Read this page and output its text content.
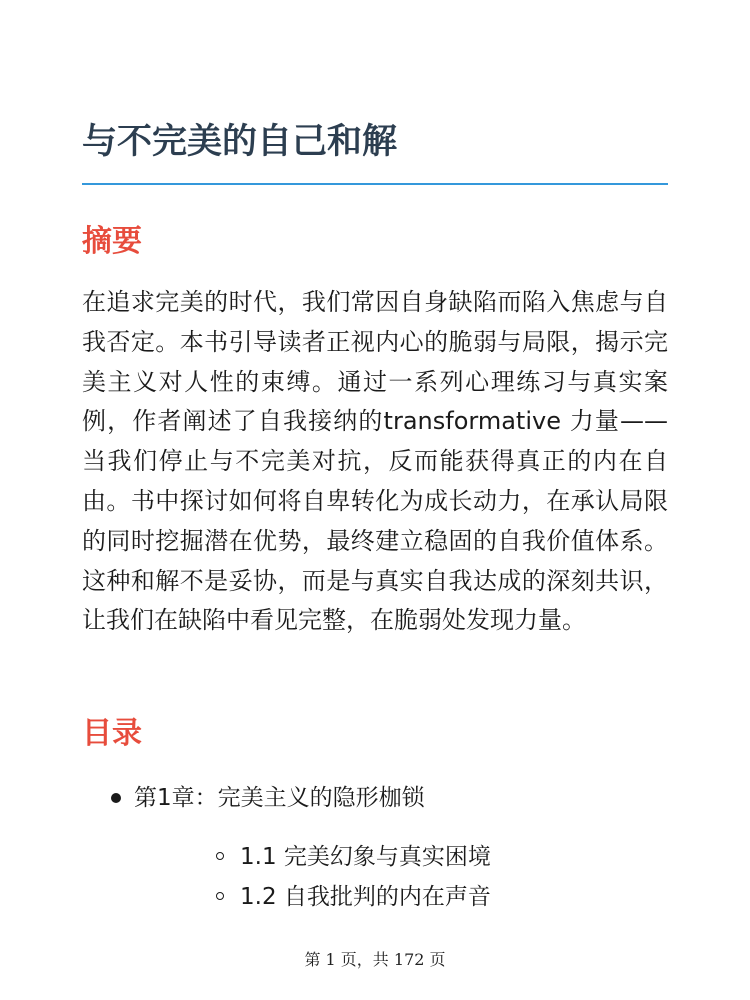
与不完美的自己和解
摘要

在追求完美的时代，我们常因自身缺陷而陷入焦虑与自我否定。本书引导读者正视内心的脆弱与局限，揭示完美主义对人性的束缚。通过一系列心理练习与真实案例，作者阐述了自我接纳的transformative 力量——当我们停止与不完美对抗，反而能获得真正的内在自由。书中探讨如何将自卑转化为成长动力，在承认局限的同时挖掘潜在优势，最终建立稳固的自我价值体系。这种和解不是妥协，而是与真实自我达成的深刻共识，让我们在缺陷中看见完整，在脆弱处发现力量。

目录
第1章：完美主义的隐形枷锁
1.1 完美幻象与真实困境
1.2 自我批判的内在声音
第 1 页，共 172 页
